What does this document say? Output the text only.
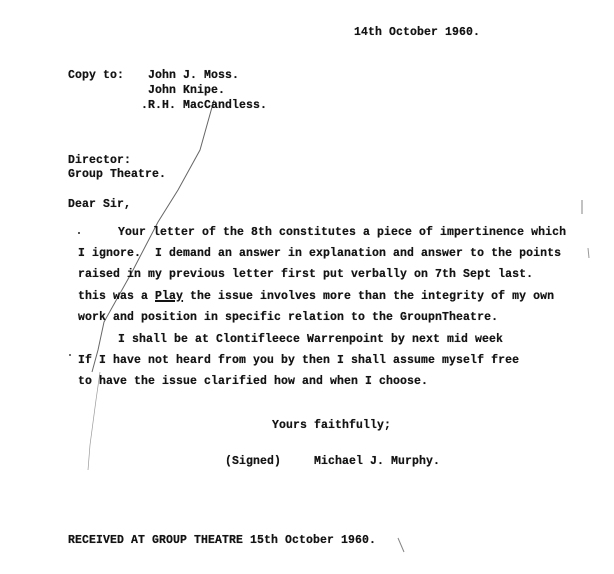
14th October 1960.
Copy to: John J. Moss.
John Knipe.
.R.H. MacCandless.
Director:
Group Theatre.
Dear Sir,
Your letter of the 8th constitutes a piece of impertinence which
I ignore.  I demand an answer in explanation and answer to the points
raised in my previous letter first put verbally on 7th Sept last.
this was a Play the issue involves more than the integrity of my own
work and position in specific relation to the GroupnTheatre.
I shall be at Clontifleece Warrenpoint by next mid week
If I have not heard from you by then I shall assume myself free
to have the issue clarified how and when I choose.
Yours faithfully;
(Signed)	Michael J. Murphy.
RECEIVED AT GROUP THEATRE 15th October 1960.
